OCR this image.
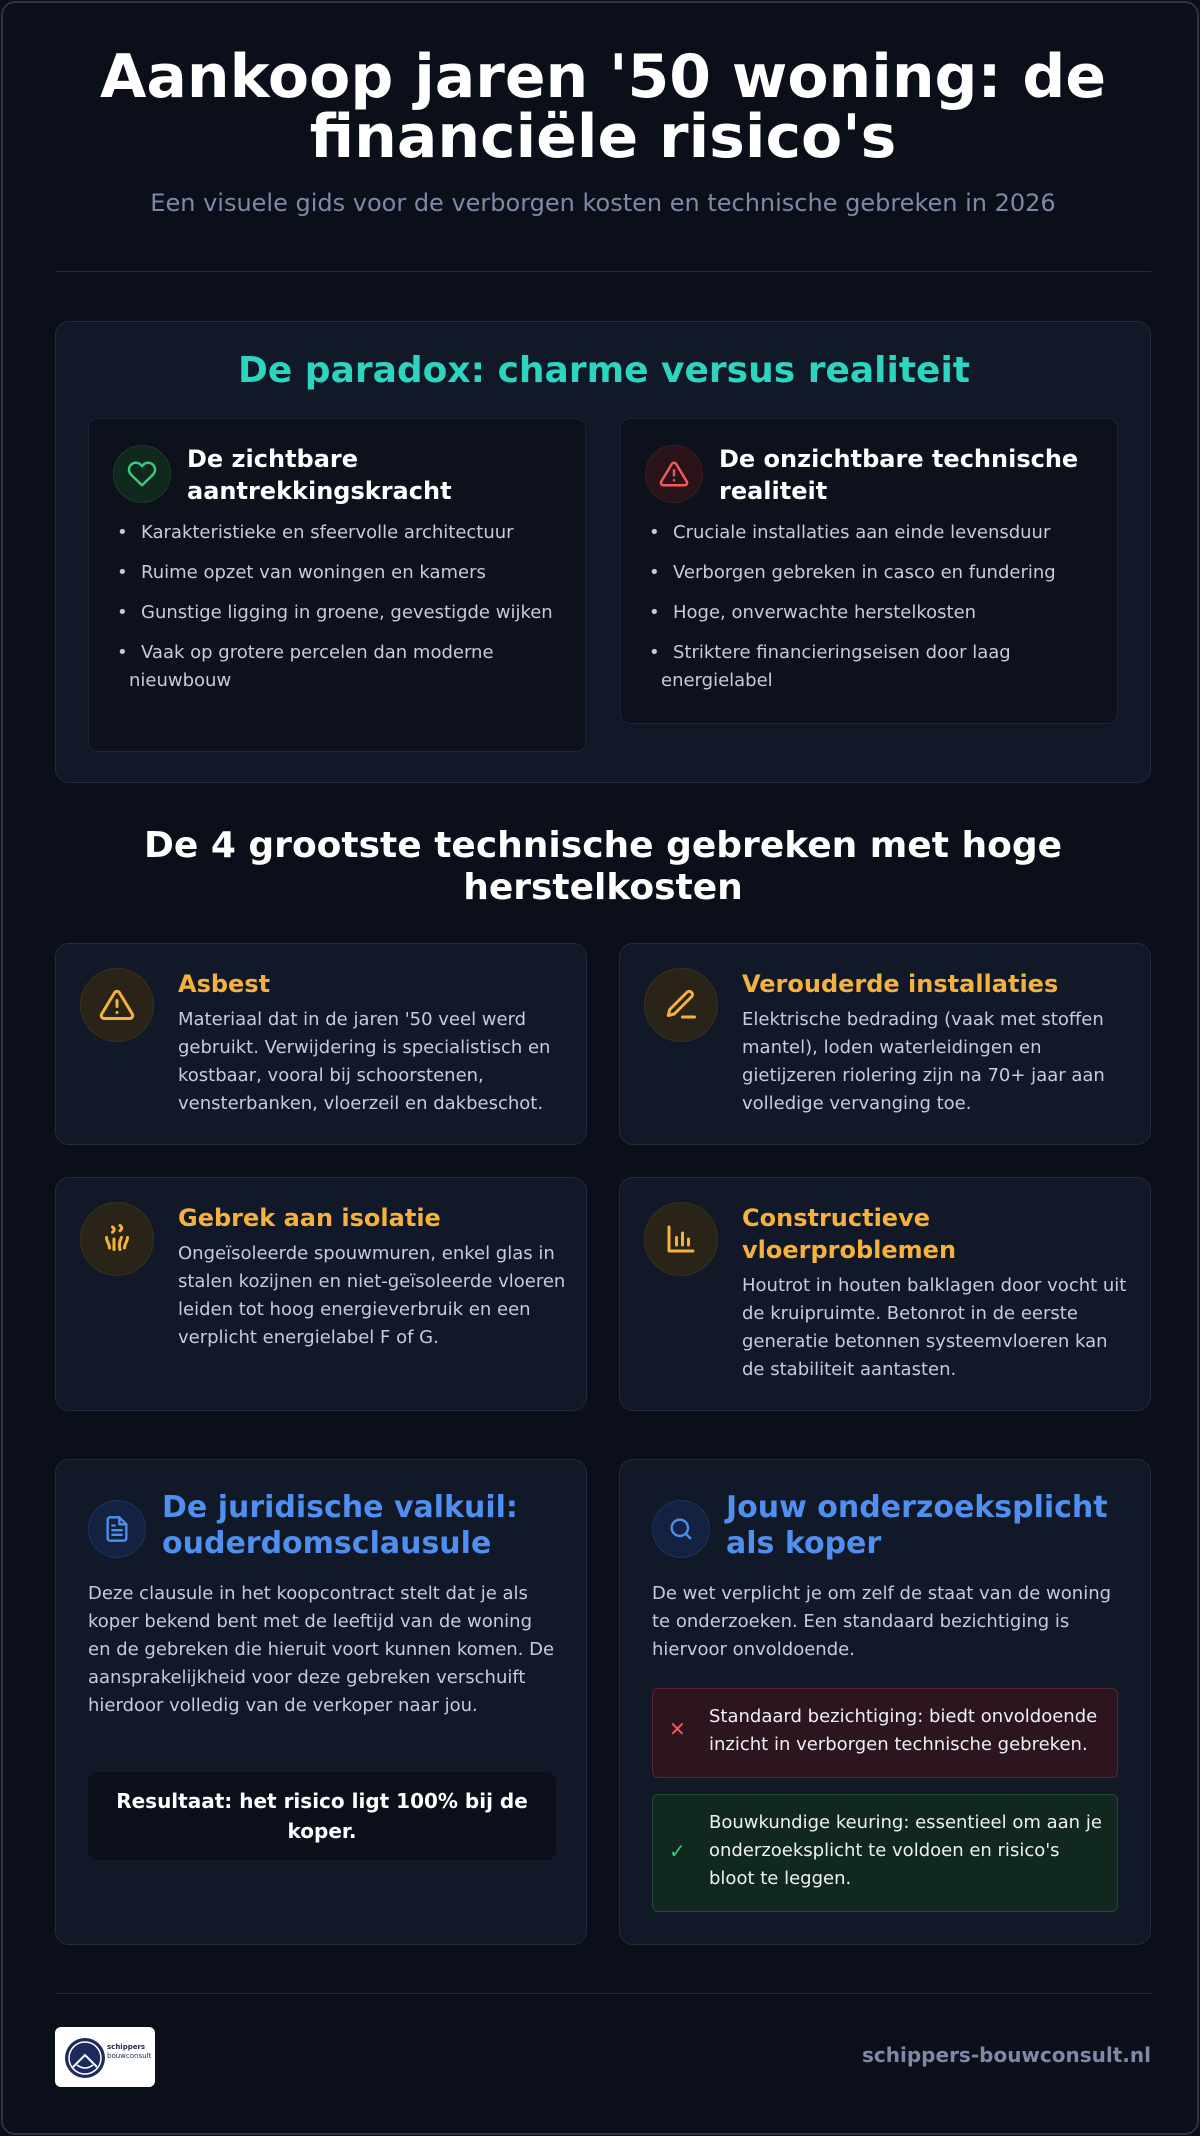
Aankoop jaren '50 woning: de financiële risico's
Een visuele gids voor de verborgen kosten en technische gebreken in 2026
De paradox: charme versus realiteit
De zichtbare aantrekkingskracht
• Karakteristieke en sfeervolle architectuur
• Ruime opzet van woningen en kamers
• Gunstige ligging in groene, gevestigde wijken
• Vaak op grotere percelen dan moderne nieuwbouw
De onzichtbare technische realiteit
• Cruciale installaties aan einde levensduur
• Verborgen gebreken in casco en fundering
• Hoge, onverwachte herstelkosten
• Striktere financieringseisen door laag energielabel
De 4 grootste technische gebreken met hoge herstelkosten
Asbest

Materiaal dat in de jaren '50 veel werd gebruikt. Verwijdering is specialistisch en kostbaar, vooral bij schoorstenen, vensterbanken, vloerzeil en dakbeschot.

Verouderde installaties

Elektrische bedrading (vaak met stoffen mantel), loden waterleidingen en gietijzeren riolering zijn na 70+ jaar aan volledige vervanging toe.

Gebrek aan isolatie

Ongeïsoleerde spouwmuren, enkel glas in stalen kozijnen en niet-geïsoleerde vloeren leiden tot hoog energieverbruik en een verplicht energielabel F of G.

Constructieve vloerproblemen

Houtrot in houten balklagen door vocht uit de kruipruimte. Betonrot in de eerste generatie betonnen systeemvloeren kan de stabiliteit aantasten.

De juridische valkuil: ouderdomsclausule

Deze clausule in het koopcontract stelt dat je als koper bekend bent met de leeftijd van de woning en de gebreken die hieruit voort kunnen komen. De aansprakelijkheid voor deze gebreken verschuift hierdoor volledig van de verkoper naar jou.

Resultaat: het risico ligt 100% bij de koper.
Jouw onderzoeksplicht als koper

De wet verplicht je om zelf de staat van de woning te onderzoeken. Een standaard bezichtiging is hiervoor onvoldoende.

✕
Standaard bezichtiging: biedt onvoldoende inzicht in verborgen technische gebreken.
✓
Bouwkundige keuring: essentieel om aan je onderzoeksplicht te voldoen en risico's bloot te leggen.
schippers
bouwconsult	schippers-bouwconsult.nl
